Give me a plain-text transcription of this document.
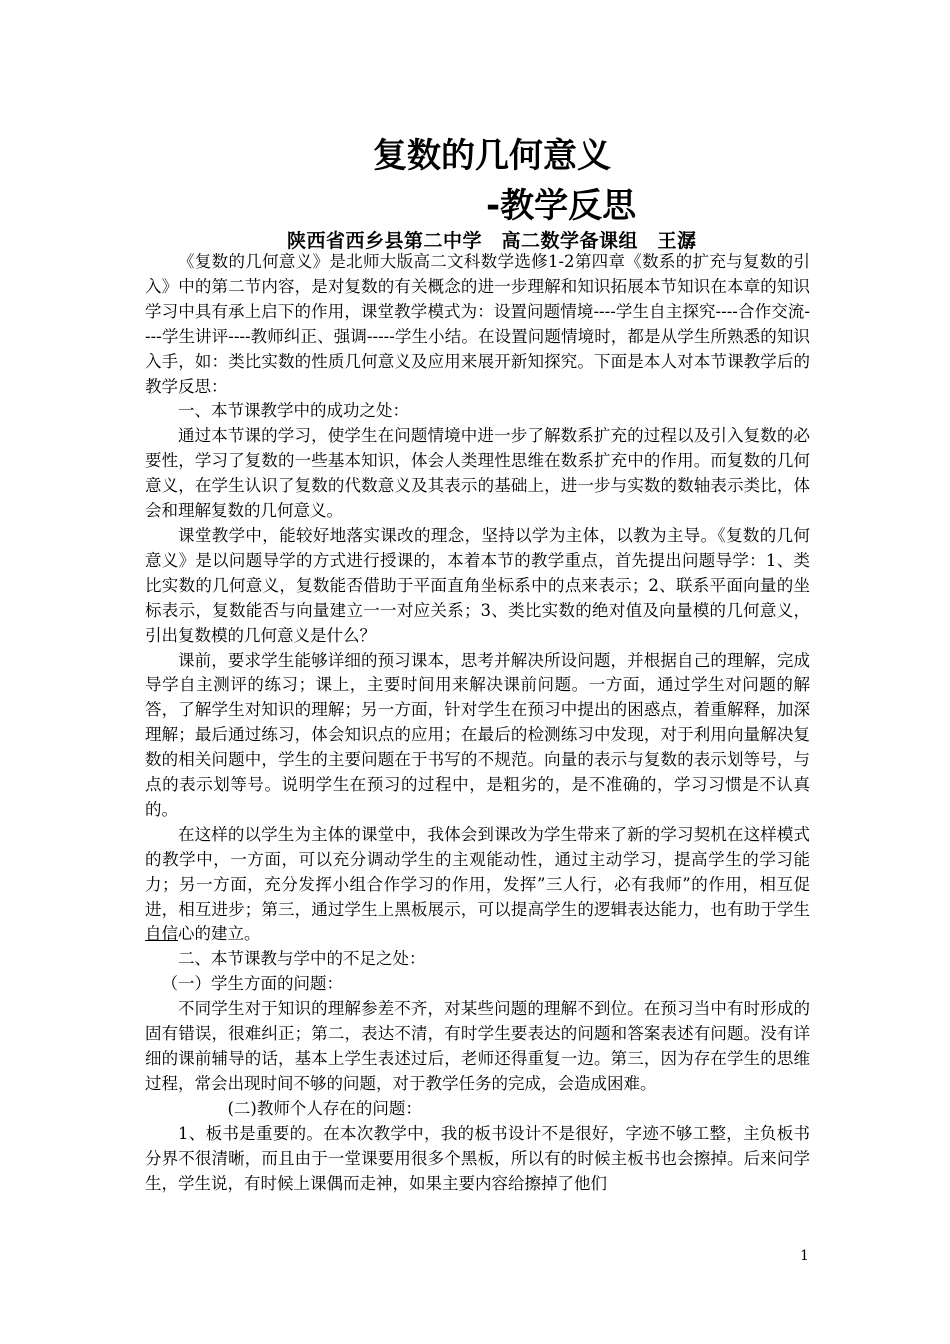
复数的几何意义
-教学反思
陕西省西乡县第二中学　高二数学备课组　王潺

《复数的几何意义》是北师大版高二文科数学选修1-2第四章《数系的扩充与复数的引入》中的第二节内容，是对复数的有关概念的进一步理解和知识拓展本节知识在本章的知识学习中具有承上启下的作用，课堂教学模式为：设置问题情境----学生自主探究----合作交流----学生讲评----教师纠正、强调-----学生小结。在设置问题情境时，都是从学生所熟悉的知识入手，如：类比实数的性质几何意义及应用来展开新知探究。下面是本人对本节课教学后的教学反思：

一、本节课教学中的成功之处：

通过本节课的学习，使学生在问题情境中进一步了解数系扩充的过程以及引入复数的必要性，学习了复数的一些基本知识，体会人类理性思维在数系扩充中的作用。而复数的几何意义，在学生认识了复数的代数意义及其表示的基础上，进一步与实数的数轴表示类比，体会和理解复数的几何意义。

课堂教学中，能较好地落实课改的理念，坚持以学为主体，以教为主导。《复数的几何意义》是以问题导学的方式进行授课的，本着本节的教学重点，首先提出问题导学：1、类比实数的几何意义，复数能否借助于平面直角坐标系中的点来表示；2、联系平面向量的坐标表示，复数能否与向量建立一一对应关系；3、类比实数的绝对值及向量模的几何意义，引出复数模的几何意义是什么？

课前，要求学生能够详细的预习课本，思考并解决所设问题，并根据自己的理解，完成导学自主测评的练习；课上，主要时间用来解决课前问题。一方面，通过学生对问题的解答，了解学生对知识的理解；另一方面，针对学生在预习中提出的困惑点，着重解释，加深理解；最后通过练习，体会知识点的应用；在最后的检测练习中发现，对于利用向量解决复数的相关问题中，学生的主要问题在于书写的不规范。向量的表示与复数的表示划等号，与点的表示划等号。说明学生在预习的过程中，是粗劣的，是不准确的，学习习惯是不认真的。

在这样的以学生为主体的课堂中，我体会到课改为学生带来了新的学习契机在这样模式的教学中，一方面，可以充分调动学生的主观能动性，通过主动学习，提高学生的学习能力；另一方面，充分发挥小组合作学习的作用，发挥”三人行，必有我师”的作用，相互促进，相互进步；第三，通过学生上黑板展示，可以提高学生的逻辑表达能力，也有助于学生自信心的建立。

二、本节课教与学中的不足之处：

（一）学生方面的问题：

不同学生对于知识的理解参差不齐，对某些问题的理解不到位。在预习当中有时形成的固有错误，很难纠正；第二，表达不清，有时学生要表达的问题和答案表述有问题。没有详细的课前辅导的话，基本上学生表述过后，老师还得重复一边。第三，因为存在学生的思维过程，常会出现时间不够的问题，对于教学任务的完成，会造成困难。

(二)教师个人存在的问题：

1、板书是重要的。在本次教学中，我的板书设计不是很好，字迹不够工整，主负板书分界不很清晰，而且由于一堂课要用很多个黑板，所以有的时候主板书也会擦掉。后来问学生，学生说，有时候上课偶而走神，如果主要内容给擦掉了他们

1
